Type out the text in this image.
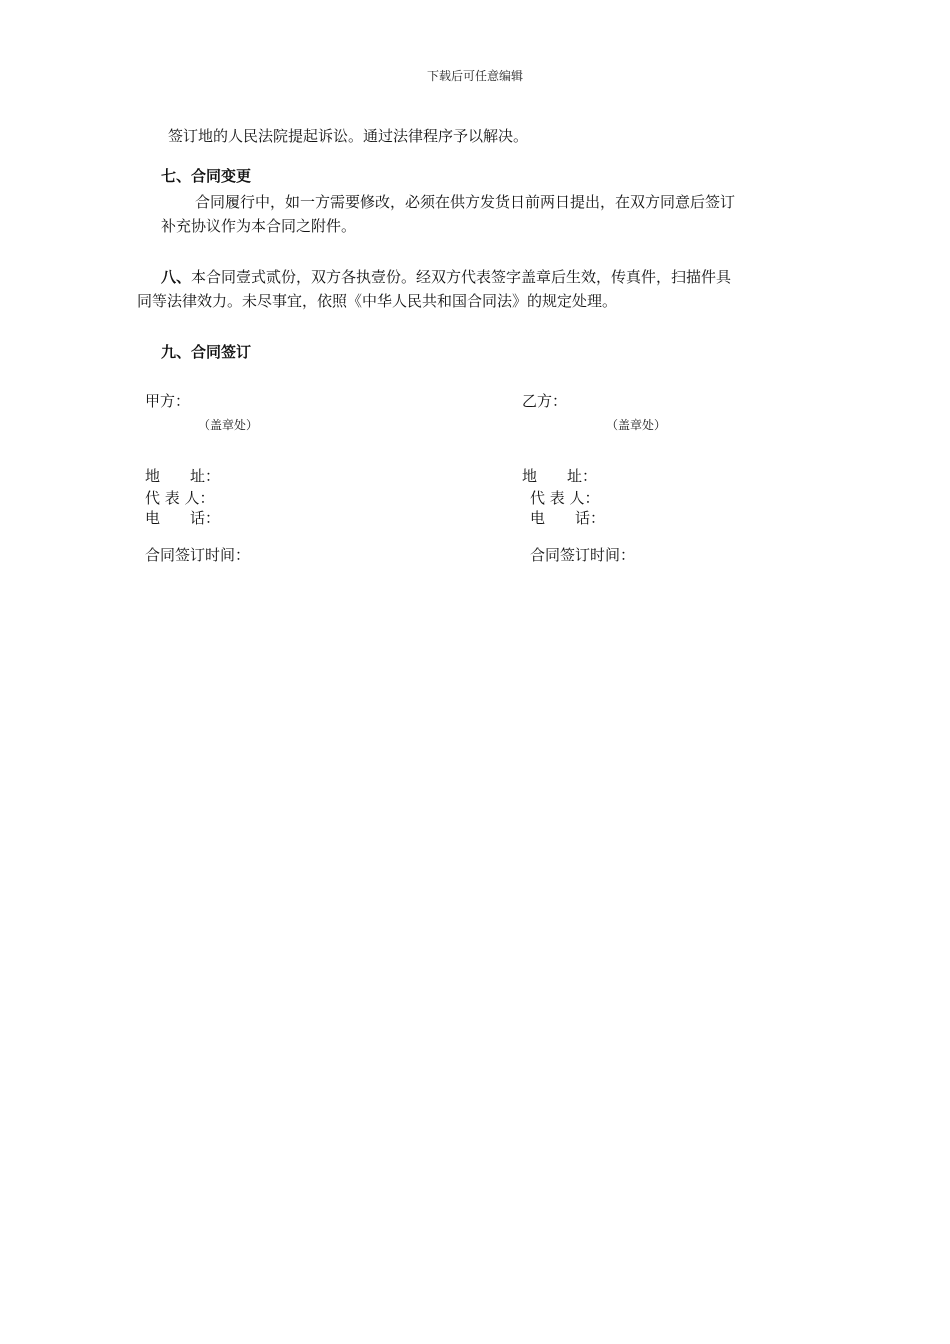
下载后可任意编辑
签订地的人民法院提起诉讼。通过法律程序予以解决。
七、合同变更
合同履行中，如一方需要修改，必须在供方发货日前两日提出，在双方同意后签订
补充协议作为本合同之附件。
八、本合同壹式贰份，双方各执壹份。经双方代表签字盖章后生效，传真件，扫描件具
同等法律效力。未尽事宜，依照《中华人民共和国合同法》的规定处理。
九、合同签订
甲方：
（盖章处）
地　　址：
代 表 人：
电　　话：
合同签订时间：
乙方：
（盖章处）
地　　址：
代 表 人：
电　　话：
合同签订时间：
